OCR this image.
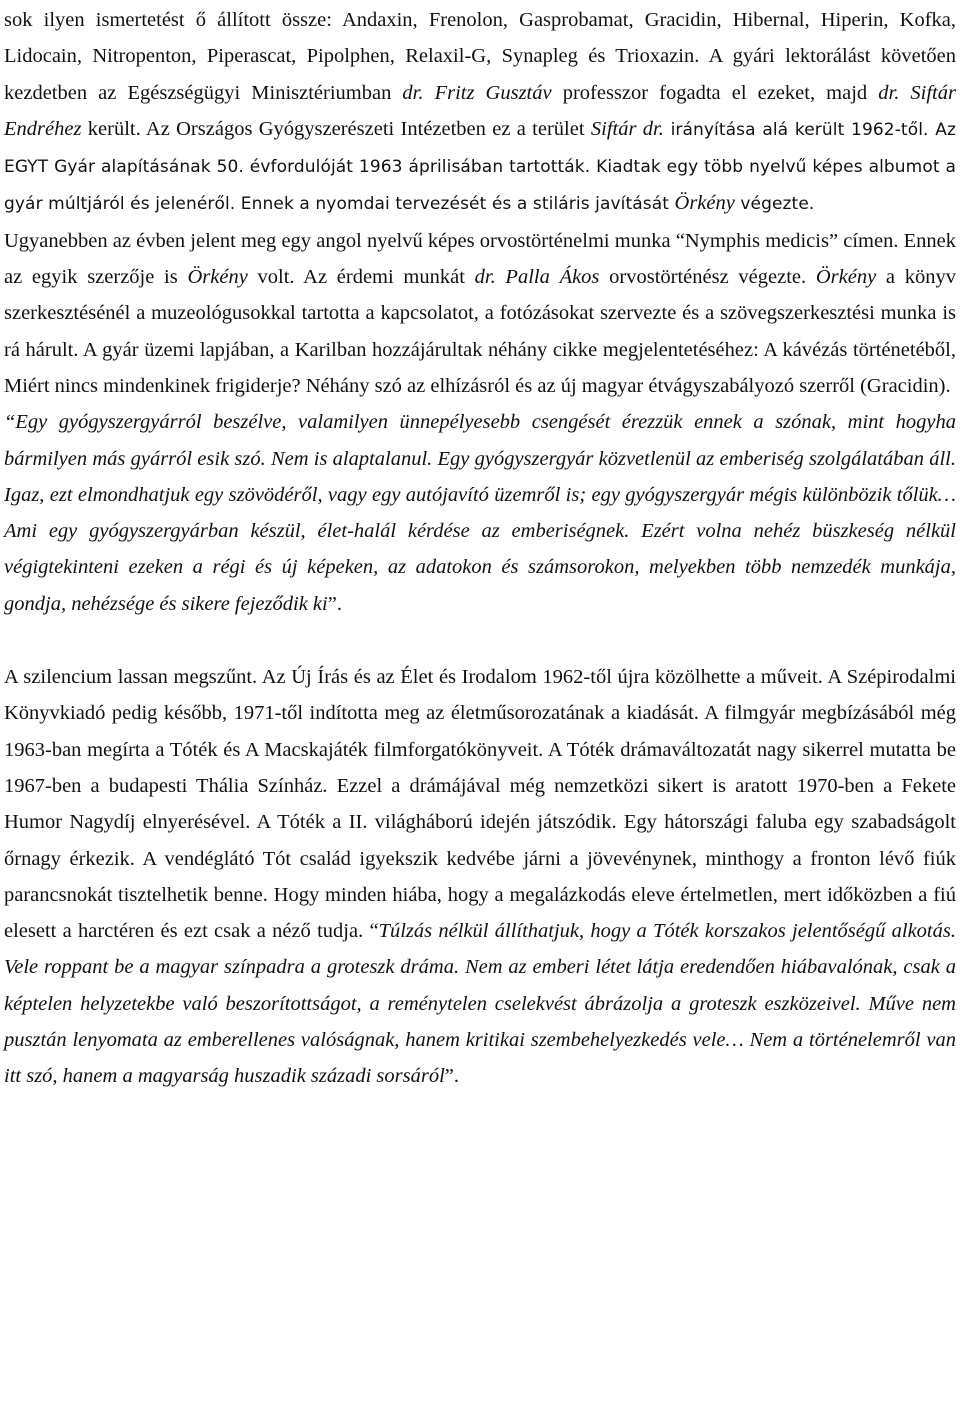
sok ilyen ismertetést ő állított össze: Andaxin, Frenolon, Gasprobamat, Gracidin, Hibernal, Hiperin, Kofka, Lidocain, Nitropenton, Piperascat, Pipolphen, Relaxil-G, Synapleg és Trioxazin. A gyári lektorálást követően kezdetben az Egészségügyi Minisztériumban dr. Fritz Gusztáv professzor fogadta el ezeket, majd dr. Siftár Endréhez került. Az Országos Gyógyszerészeti Intézetben ez a terület Siftár dr. irányítása alá került 1962-től. Az EGYT Gyár alapításának 50. évfordulóját 1963 áprilisában tartották. Kiadtak egy több nyelvű képes albumot a gyár múltjáról és jelenéről. Ennek a nyomdai tervezését és a stiláris javítását Örkény végezte.

Ugyanebben az évben jelent meg egy angol nyelvű képes orvostörténelmi munka “Nymphis medicis” címen. Ennek az egyik szerzője is Örkény volt. Az érdemi munkát dr. Palla Ákos orvostörténész végezte. Örkény a könyv szerkesztésénél a muzeológusokkal tartotta a kapcsolatot, a fotózásokat szervezte és a szövegszerkesztési munka is rá hárult. A gyár üzemi lapjában, a Karilban hozzájárultak néhány cikke megjelentetéséhez: A kávézás történetéből, Miért nincs mindenkinek frigiderje? Néhány szó az elhízásról és az új magyar étvágyszabályozó szerről (Gracidin).

“Egy gyógyszergyárról beszélve, valamilyen ünnepélyesebb csengését érezzük ennek a szónak, mint hogyha bármilyen más gyárról esik szó. Nem is alaptalanul. Egy gyógyszergyár közvetlenül az emberiség szolgálatában áll. Igaz, ezt elmondhatjuk egy szövödéről, vagy egy autójavító üzemről is; egy gyógyszergyár mégis különbözik tőlük… Ami egy gyógyszergyárban készül, élet-halál kérdése az emberiségnek. Ezért volna nehéz büszkeség nélkül végigtekinteni ezeken a régi és új képeken, az adatokon és számsorokon, melyekben több nemzedék munkája, gondja, nehézsége és sikere fejeződik ki”.

A szilencium lassan megszűnt. Az Új Írás és az Élet és Irodalom 1962-től újra közölhette a műveit. A Szépirodalmi Könyvkiadó pedig később, 1971-től indította meg az életműsorozatának a kiadását. A filmgyár megbízásából még 1963-ban megírta a Tóték és A Macskajáték filmforgatókönyveit. A Tóték drámaváltozatát nagy sikerrel mutatta be 1967-ben a budapesti Thália Színház. Ezzel a drámájával még nemzetközi sikert is aratott 1970-ben a Fekete Humor Nagydíj elnyerésével. A Tóték a II. világháború idején játszódik. Egy hátországi faluba egy szabadságolt őrnagy érkezik. A vendéglátó Tót család igyekszik kedvébe járni a jövevénynek, minthogy a fronton lévő fiúk parancsnokát tisztelhetik benne. Hogy minden hiába, hogy a megalázkodás eleve értelmetlen, mert időközben a fiú elesett a harctéren és ezt csak a néző tudja. “Túlzás nélkül állíthatjuk, hogy a Tóték korszakos jelentőségű alkotás. Vele roppant be a magyar színpadra a groteszk dráma. Nem az emberi létet látja eredendően hiábavalónak, csak a képtelen helyzetekbe való beszorítottságot, a reménytelen cselekvést ábrázolja a groteszk eszközeivel. Műve nem pusztán lenyomata az emberellenes valóságnak, hanem kritikai szembehelyezkedés vele… Nem a történelemről van itt szó, hanem a magyarság huszadik századi sorsáról”.
